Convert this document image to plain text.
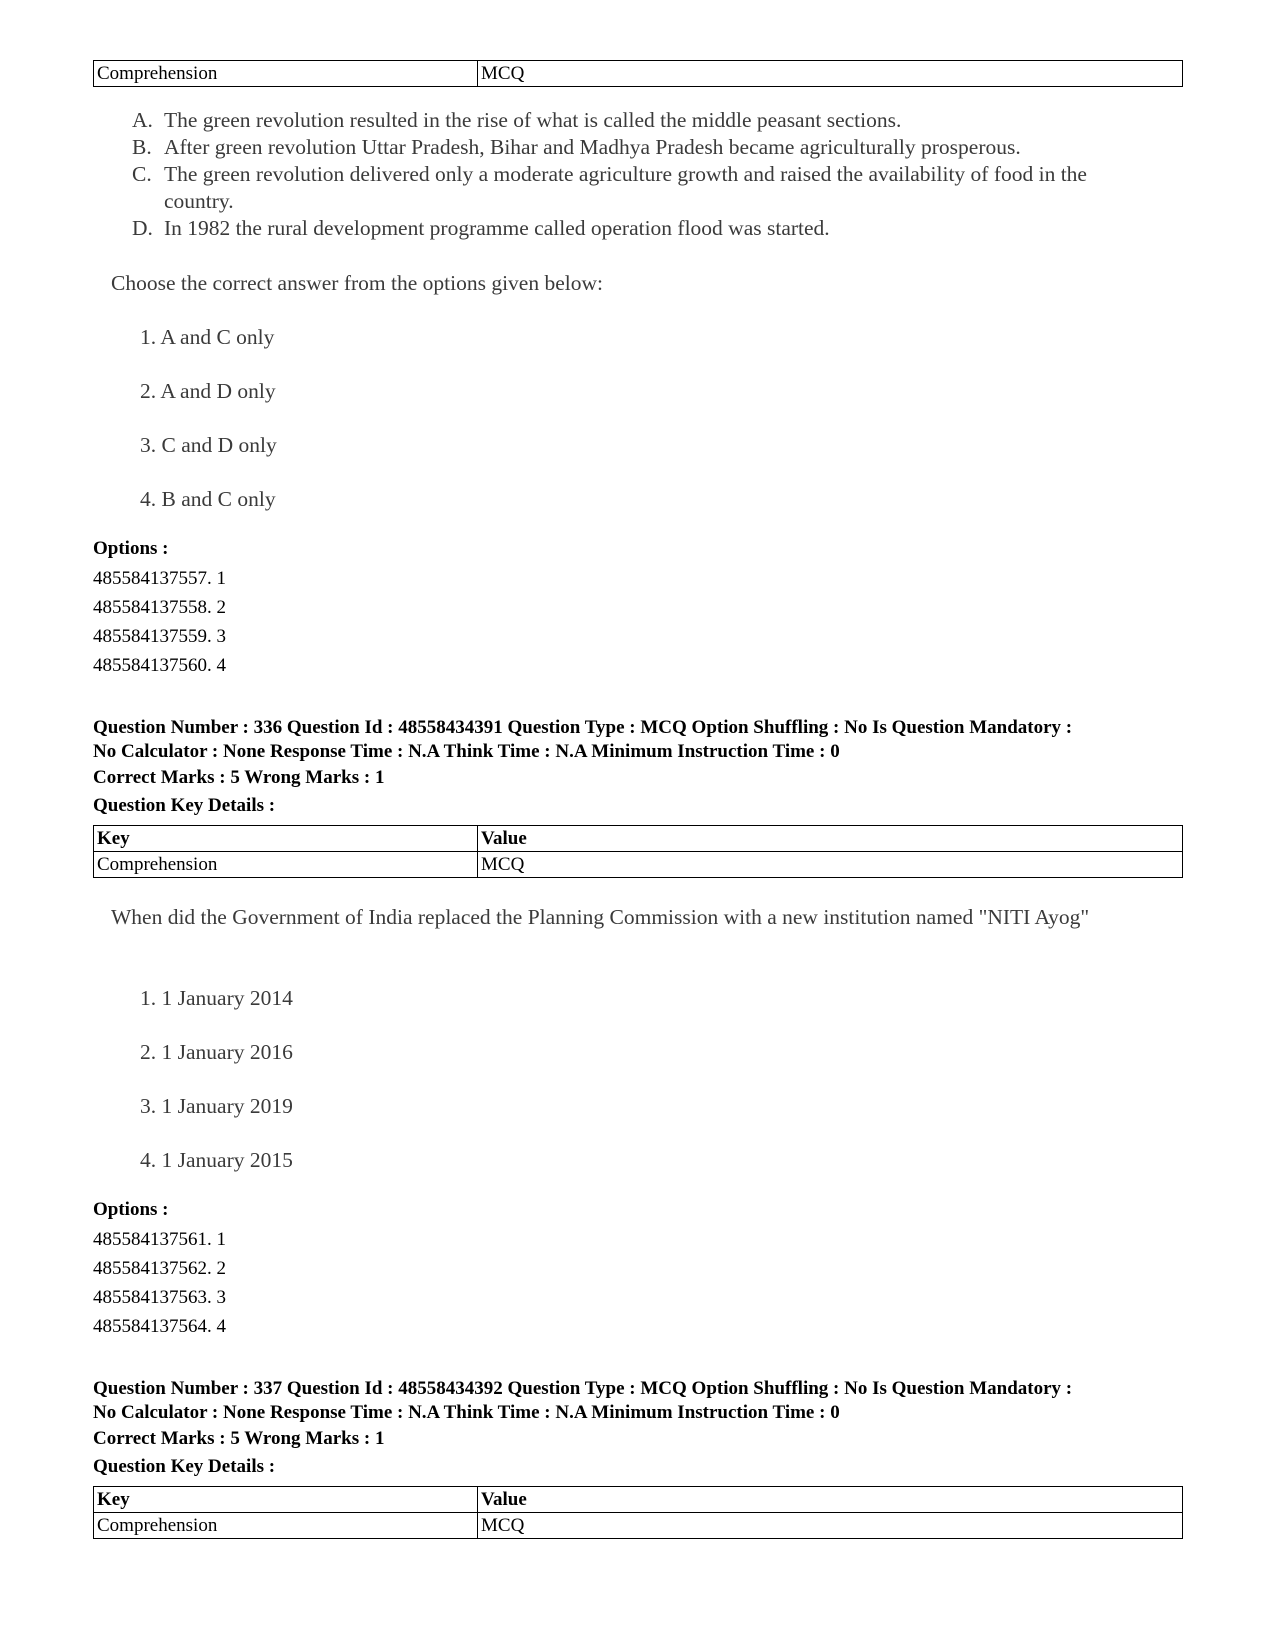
Comprehension	MCQ
A. The green revolution resulted in the rise of what is called the middle peasant sections.
B. After green revolution Uttar Pradesh, Bihar and Madhya Pradesh became agriculturally prosperous.
C. The green revolution delivered only a moderate agriculture growth and raised the availability of food in the country.
D. In 1982 the rural development programme called operation flood was started.
Choose the correct answer from the options given below:
1. A and C only
2. A and D only
3. C and D only
4. B and C only
Options :
485584137557. 1
485584137558. 2
485584137559. 3
485584137560. 4
Question Number : 336 Question Id : 48558434391 Question Type : MCQ Option Shuffling : No Is Question Mandatory :
No Calculator : None Response Time : N.A Think Time : N.A Minimum Instruction Time : 0
Correct Marks : 5 Wrong Marks : 1
Question Key Details :
Key	Value
Comprehension	MCQ
When did the Government of India replaced the Planning Commission with a new institution named "NITI Ayog"
1. 1 January 2014
2. 1 January 2016
3. 1 January 2019
4. 1 January 2015
Options :
485584137561. 1
485584137562. 2
485584137563. 3
485584137564. 4
Question Number : 337 Question Id : 48558434392 Question Type : MCQ Option Shuffling : No Is Question Mandatory :
No Calculator : None Response Time : N.A Think Time : N.A Minimum Instruction Time : 0
Correct Marks : 5 Wrong Marks : 1
Question Key Details :
Key	Value
Comprehension	MCQ
